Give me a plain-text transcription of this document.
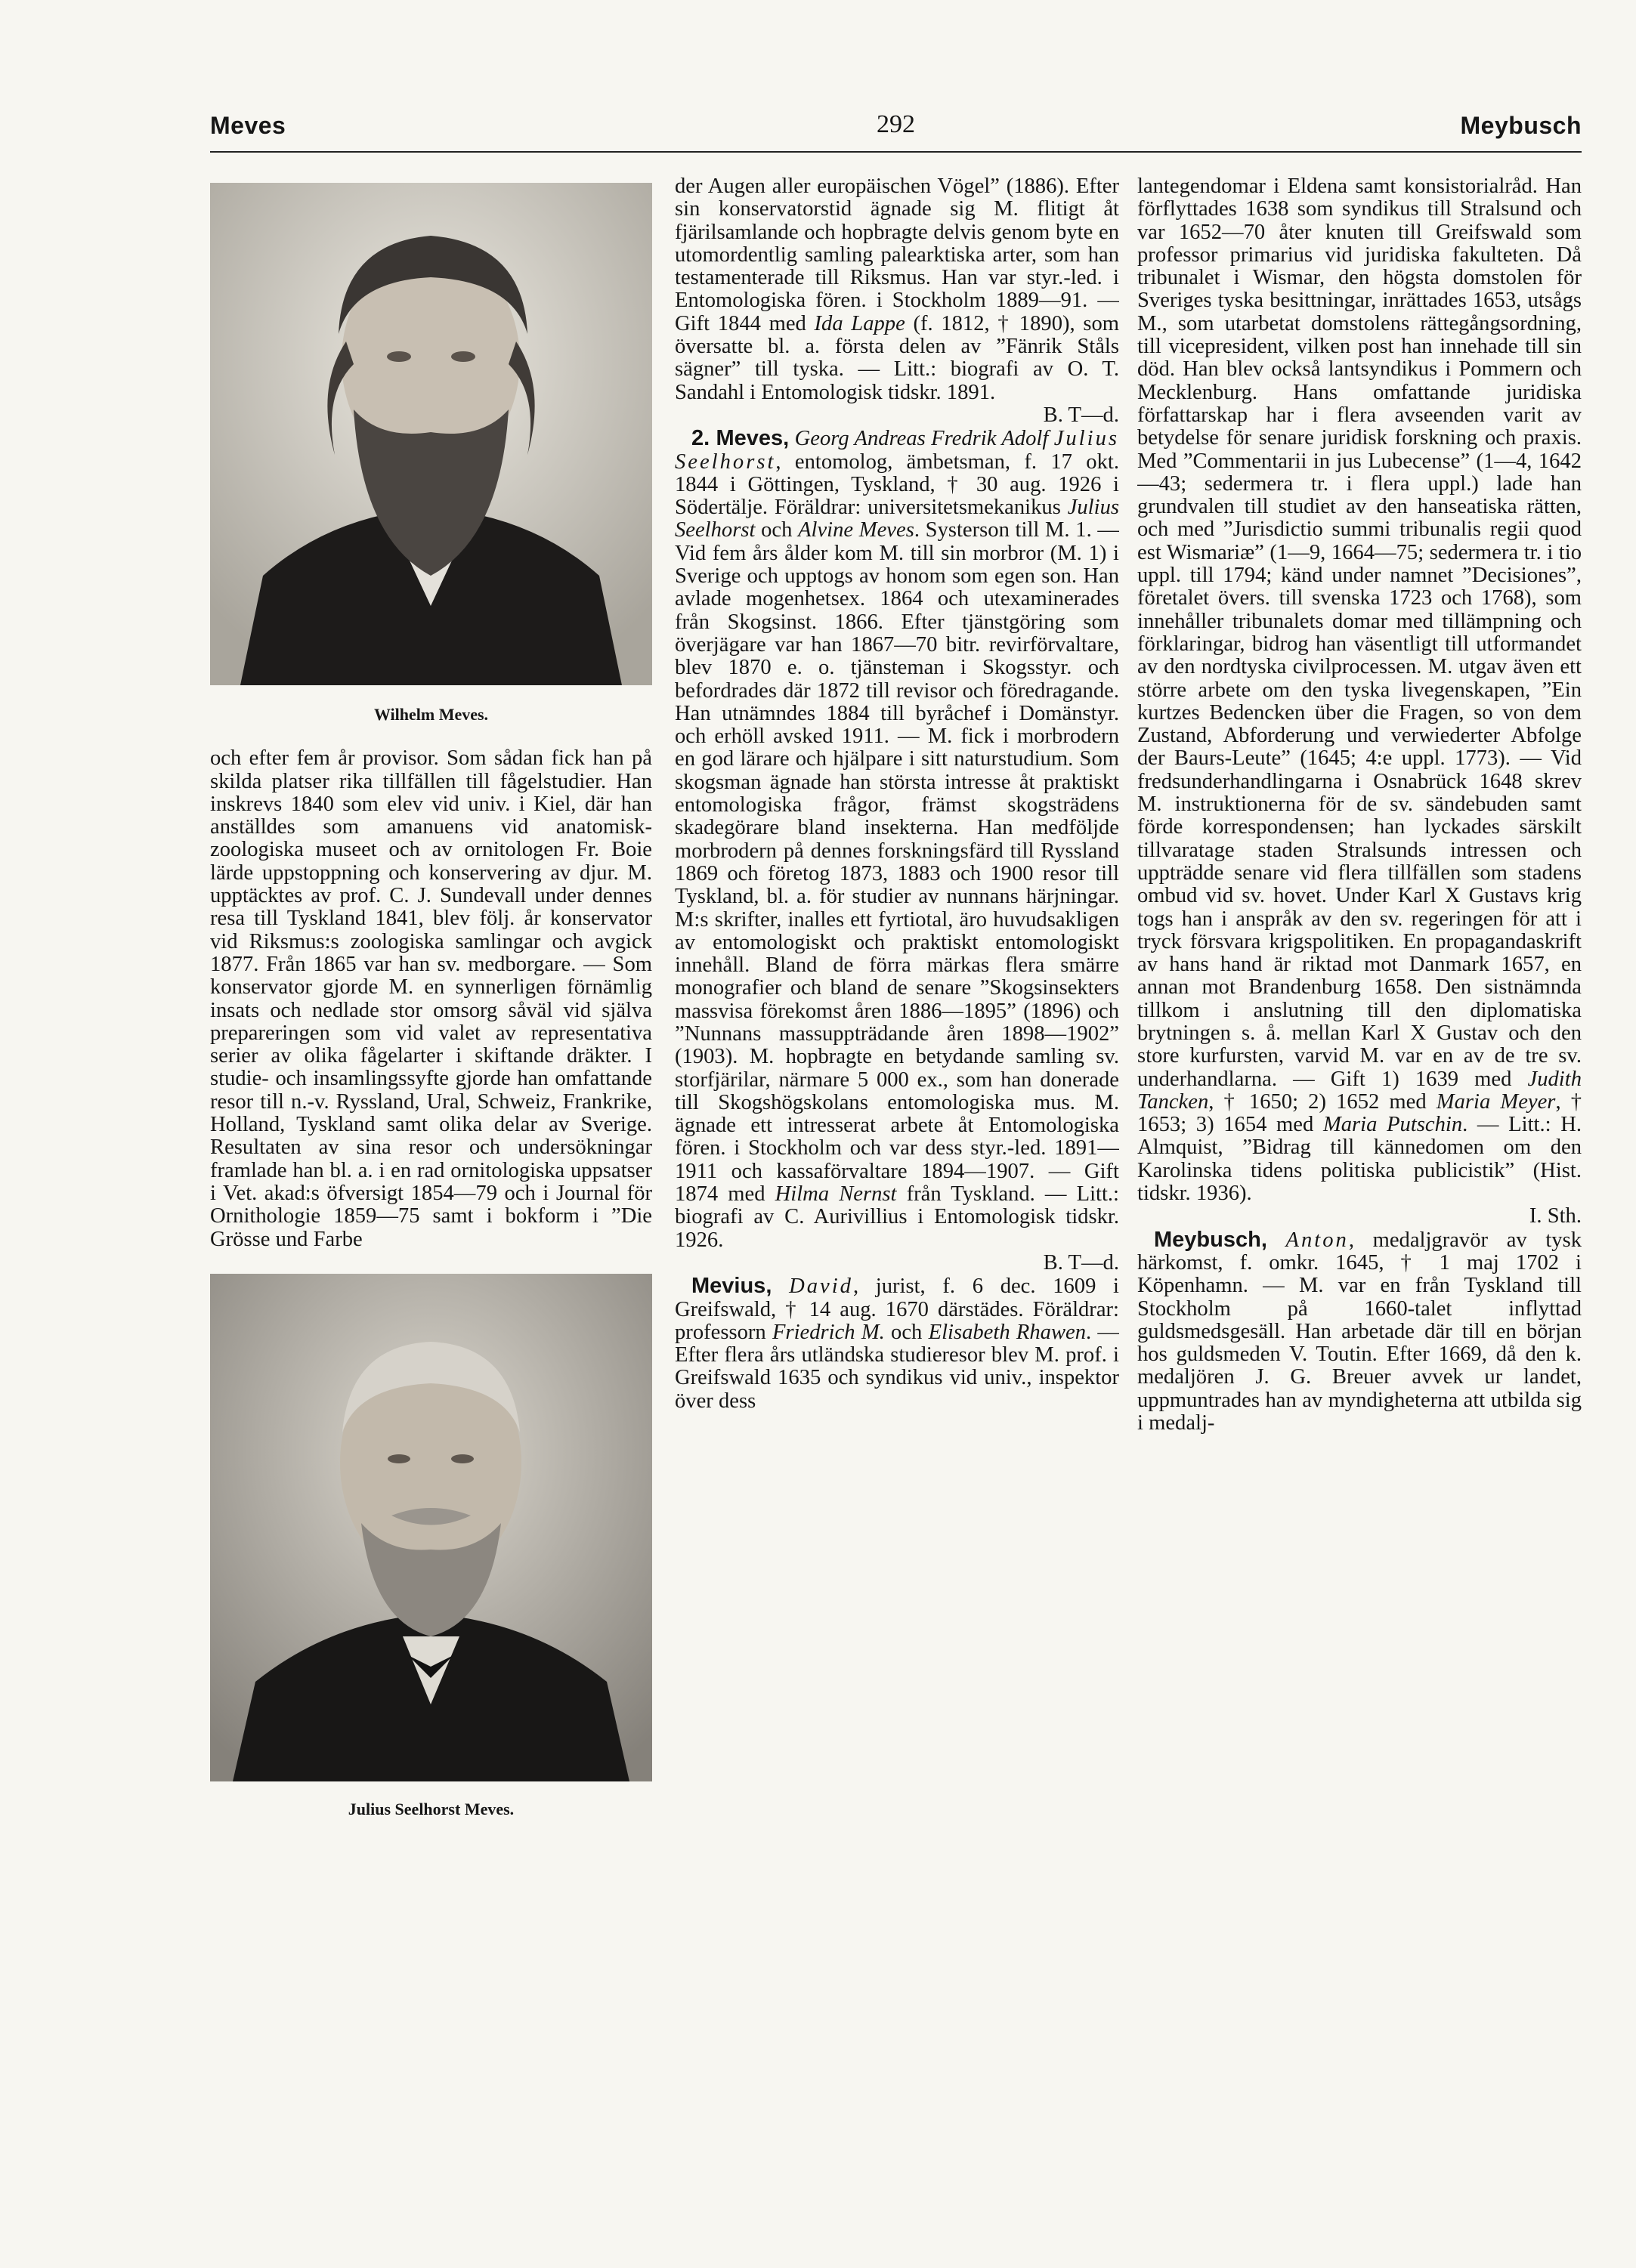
Meves	292	Meybusch
Wilhelm Meves.

och efter fem år provisor. Som sådan fick han på skilda platser rika tillfällen till fågelstudier. Han inskrevs 1840 som elev vid univ. i Kiel, där han anställdes som amanuens vid anatomisk-zoologiska museet och av ornitologen Fr. Boie lärde uppstoppning och konservering av djur. M. upptäcktes av prof. C. J. Sundevall under dennes resa till Tyskland 1841, blev följ. år konservator vid Riksmus:s zoologiska samlingar och avgick 1877. Från 1865 var han sv. medborgare. — Som konservator gjorde M. en synnerligen förnämlig insats och nedlade stor omsorg såväl vid själva prepareringen som vid valet av representativa serier av olika fågelarter i skiftande dräkter. I studie- och insamlingssyfte gjorde han omfattande resor till n.-v. Ryssland, Ural, Schweiz, Frankrike, Holland, Tyskland samt olika delar av Sverige. Resultaten av sina resor och undersökningar framlade han bl. a. i en rad ornitologiska uppsatser i Vet. akad:s öfversigt 1854—79 och i Journal för Ornithologie 1859—75 samt i bokform i ”Die Grösse und Farbe

Julius Seelhorst Meves.

der Augen aller europäischen Vögel” (1886). Efter sin konservatorstid ägnade sig M. flitigt åt fjärilsamlande och hopbragte delvis genom byte en utomordentlig samling palearktiska arter, som han testamenterade till Riksmus. Han var styr.-led. i Entomologiska fören. i Stockholm 1889—91. — Gift 1844 med Ida Lappe (f. 1812, † 1890), som översatte bl. a. första delen av ”Fänrik Ståls sägner” till tyska. — Litt.: biografi av O. T. Sandahl i Entomologisk tidskr. 1891.
B. T—d.

2. Meves, Georg Andreas Fredrik Adolf Julius Seelhorst, entomolog, ämbetsman, f. 17 okt. 1844 i Göttingen, Tyskland, † 30 aug. 1926 i Södertälje. Föräldrar: universitetsmekanikus Julius Seelhorst och Alvine Meves. Systerson till M. 1. — Vid fem års ålder kom M. till sin morbror (M. 1) i Sverige och upptogs av honom som egen son. Han avlade mogenhetsex. 1864 och utexaminerades från Skogsinst. 1866. Efter tjänstgöring som överjägare var han 1867—70 bitr. revirförvaltare, blev 1870 e. o. tjänsteman i Skogsstyr. och befordrades där 1872 till revisor och föredragande. Han utnämndes 1884 till byråchef i Domänstyr. och erhöll avsked 1911. — M. fick i morbrodern en god lärare och hjälpare i sitt naturstudium. Som skogsman ägnade han största intresse åt praktiskt entomologiska frågor, främst skogsträdens skadegörare bland insekterna. Han medföljde morbrodern på dennes forskningsfärd till Ryssland 1869 och företog 1873, 1883 och 1900 resor till Tyskland, bl. a. för studier av nunnans härjningar. M:s skrifter, inalles ett fyrtiotal, äro huvudsakligen av entomologiskt och praktiskt entomologiskt innehåll. Bland de förra märkas flera smärre monografier och bland de senare ”Skogsinsekters massvisa förekomst åren 1886—1895” (1896) och ”Nunnans massuppträdande åren 1898—1902” (1903). M. hopbragte en betydande samling sv. storfjärilar, närmare 5 000 ex., som han donerade till Skogshögskolans entomologiska mus. M. ägnade ett intresserat arbete åt Entomologiska fören. i Stockholm och var dess styr.-led. 1891—1911 och kassaförvaltare 1894—1907. — Gift 1874 med Hilma Nernst från Tyskland. — Litt.: biografi av C. Aurivillius i Entomologisk tidskr. 1926.
B. T—d.

Mevius, David, jurist, f. 6 dec. 1609 i Greifswald, † 14 aug. 1670 därstädes. Föräldrar: professorn Friedrich M. och Elisabeth Rhawen. — Efter flera års utländska studieresor blev M. prof. i Greifswald 1635 och syndikus vid univ., inspektor över dess

lantegendomar i Eldena samt konsistorialråd. Han förflyttades 1638 som syndikus till Stralsund och var 1652—70 åter knuten till Greifswald som professor primarius vid juridiska fakulteten. Då tribunalet i Wismar, den högsta domstolen för Sveriges tyska besittningar, inrättades 1653, utsågs M., som utarbetat domstolens rättegångsordning, till vicepresident, vilken post han innehade till sin död. Han blev också lantsyndikus i Pommern och Mecklenburg. Hans omfattande juridiska författarskap har i flera avseenden varit av betydelse för senare juridisk forskning och praxis. Med ”Commentarii in jus Lubecense” (1—4, 1642—43; sedermera tr. i flera uppl.) lade han grundvalen till studiet av den hanseatiska rätten, och med ”Jurisdictio summi tribunalis regii quod est Wismariæ” (1—9, 1664—75; sedermera tr. i tio uppl. till 1794; känd under namnet ”Decisiones”, företalet övers. till svenska 1723 och 1768), som innehåller tribunalets domar med tillämpning och förklaringar, bidrog han väsentligt till utformandet av den nordtyska civilprocessen. M. utgav även ett större arbete om den tyska livegenskapen, ”Ein kurtzes Bedencken über die Fragen, so von dem Zustand, Abforderung und verwiederter Abfolge der Baurs-Leute” (1645; 4:e uppl. 1773). — Vid fredsunderhandlingarna i Osnabrück 1648 skrev M. instruktionerna för de sv. sändebuden samt förde korrespondensen; han lyckades särskilt tillvaratage staden Stralsunds intressen och uppträdde senare vid flera tillfällen som stadens ombud vid sv. hovet. Under Karl X Gustavs krig togs han i anspråk av den sv. regeringen för att i tryck försvara krigspolitiken. En propagandaskrift av hans hand är riktad mot Danmark 1657, en annan mot Brandenburg 1658. Den sistnämnda tillkom i anslutning till den diplomatiska brytningen s. å. mellan Karl X Gustav och den store kurfursten, varvid M. var en av de tre sv. underhandlarna. — Gift 1) 1639 med Judith Tancken, † 1650; 2) 1652 med Maria Meyer, † 1653; 3) 1654 med Maria Putschin. — Litt.: H. Almquist, ”Bidrag till kännedomen om den Karolinska tidens politiska publicistik” (Hist. tidskr. 1936).
I. Sth.

Meybusch, Anton, medaljgravör av tysk härkomst, f. omkr. 1645, † 1 maj 1702 i Köpenhamn. — M. var en från Tyskland till Stockholm på 1660-talet inflyttad guldsmedsgesäll. Han arbetade där till en början hos guldsmeden V. Toutin. Efter 1669, då den k. medaljören J. G. Breuer avvek ur landet, uppmuntrades han av myndigheterna att utbilda sig i medalj-
